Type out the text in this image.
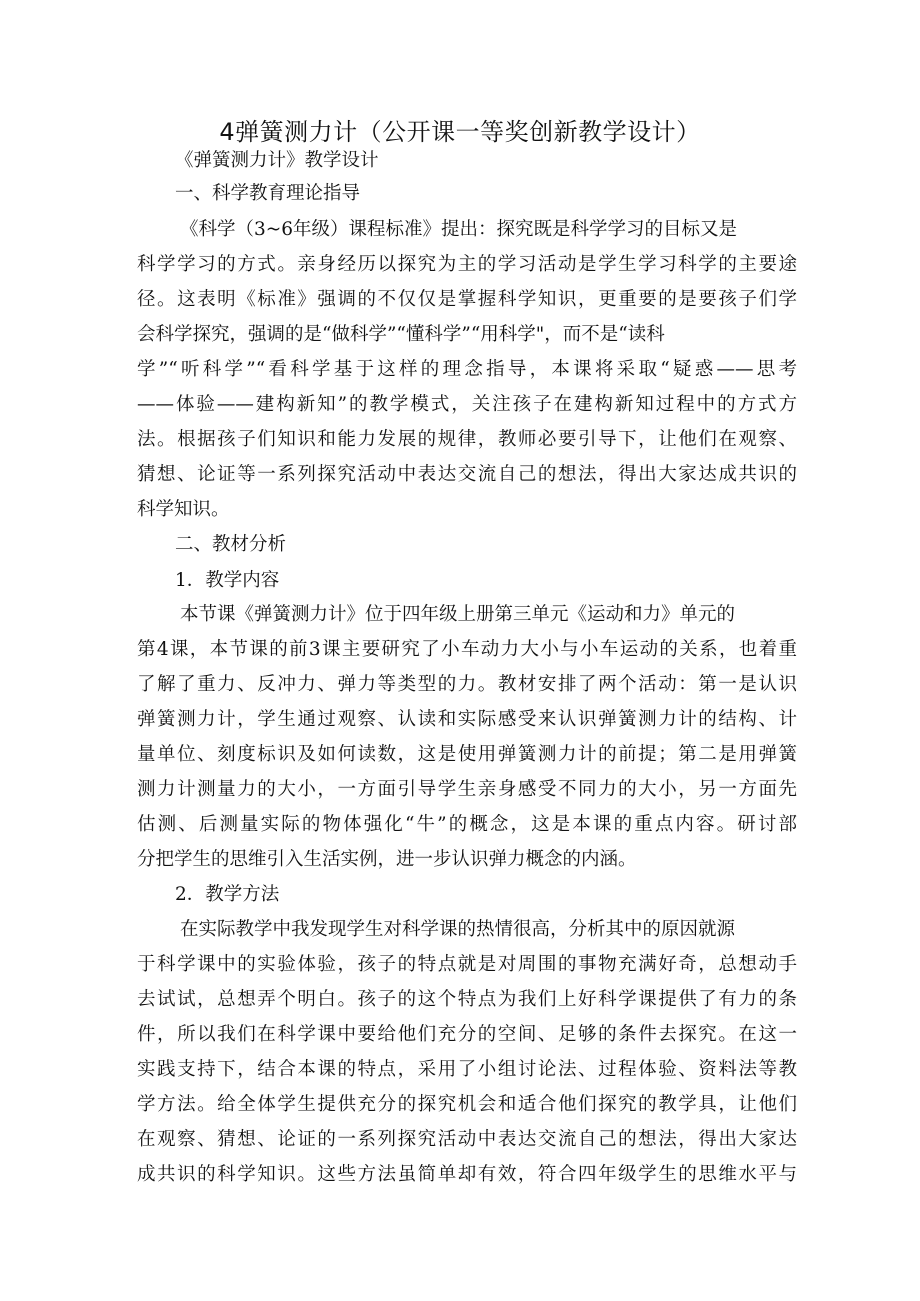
4弹簧测力计（公开课一等奖创新教学设计）
《弹簧测力计》教学设计
一、科学教育理论指导
《科学（3~6年级）课程标准》提出：探究既是科学学习的目标又是
科学学习的方式。亲身经历以探究为主的学习活动是学生学习科学的主要途
径。这表明《标准》强调的不仅仅是掌握科学知识，更重要的是要孩子们学
会科学探究，强调的是“做科学”“懂科学”“用科学"，而不是“读科
学”“听科学”“看科学基于这样的理念指导，本课将采取“疑惑——思考
——体验——建构新知”的教学模式，关注孩子在建构新知过程中的方式方
法。根据孩子们知识和能力发展的规律，教师必要引导下，让他们在观察、
猜想、论证等一系列探究活动中表达交流自己的想法，得出大家达成共识的
科学知识。
二、教材分析
1．教学内容
本节课《弹簧测力计》位于四年级上册第三单元《运动和力》单元的
第4课，本节课的前3课主要研究了小车动力大小与小车运动的关系，也着重
了解了重力、反冲力、弹力等类型的力。教材安排了两个活动：第一是认识
弹簧测力计，学生通过观察、认读和实际感受来认识弹簧测力计的结构、计
量单位、刻度标识及如何读数，这是使用弹簧测力计的前提；第二是用弹簧
测力计测量力的大小，一方面引导学生亲身感受不同力的大小，另一方面先
估测、后测量实际的物体强化“牛”的概念，这是本课的重点内容。研讨部
分把学生的思维引入生活实例，进一步认识弹力概念的内涵。
2．教学方法
在实际教学中我发现学生对科学课的热情很高，分析其中的原因就源
于科学课中的实验体验，孩子的特点就是对周围的事物充满好奇，总想动手
去试试，总想弄个明白。孩子的这个特点为我们上好科学课提供了有力的条
件，所以我们在科学课中要给他们充分的空间、足够的条件去探究。在这一
实践支持下，结合本课的特点，采用了小组讨论法、过程体验、资料法等教
学方法。给全体学生提供充分的探究机会和适合他们探究的教学具，让他们
在观察、猜想、论证的一系列探究活动中表达交流自己的想法，得出大家达
成共识的科学知识。这些方法虽简单却有效，符合四年级学生的思维水平与
